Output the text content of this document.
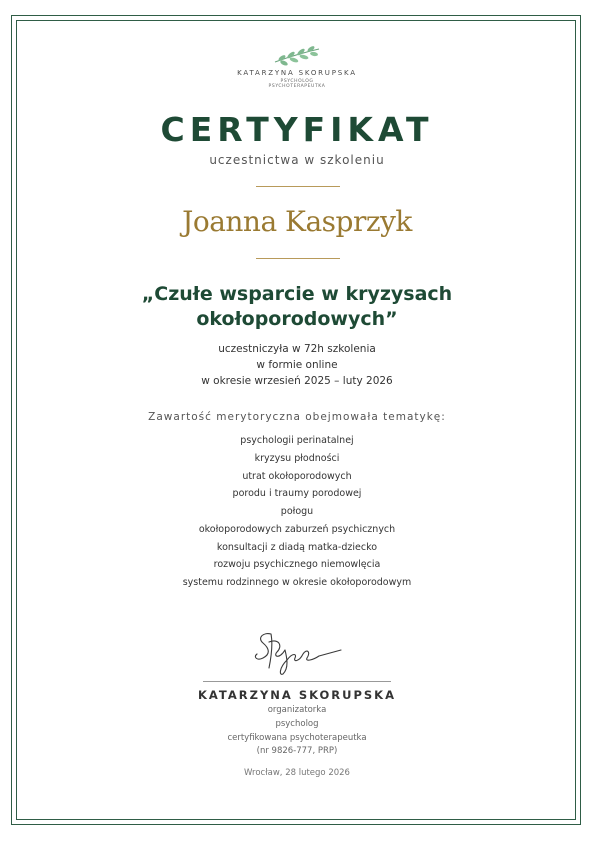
KATARZYNA SKORUPSKA
PSYCHOLOG
PSYCHOTERAPEUTKA
CERTYFIKAT
uczestnictwa w szkoleniu
Joanna Kasprzyk
„Czułe wsparcie w kryzysach
okołoporodowych”
uczestniczyła w 72h szkolenia
w formie online
w okresie wrzesień 2025 – luty 2026
Zawartość merytoryczna obejmowała tematykę:
psychologii perinatalnej
kryzysu płodności
utrat okołoporodowych
porodu i traumy porodowej
połogu
okołoporodowych zaburzeń psychicznych
konsultacji z diadą matka-dziecko
rozwoju psychicznego niemowlęcia
systemu rodzinnego w okresie okołoporodowym
KATARZYNA SKORUPSKA
organizatorka
psycholog
certyfikowana psychoterapeutka
(nr 9826-777, PRP)
Wrocław, 28 lutego 2026
